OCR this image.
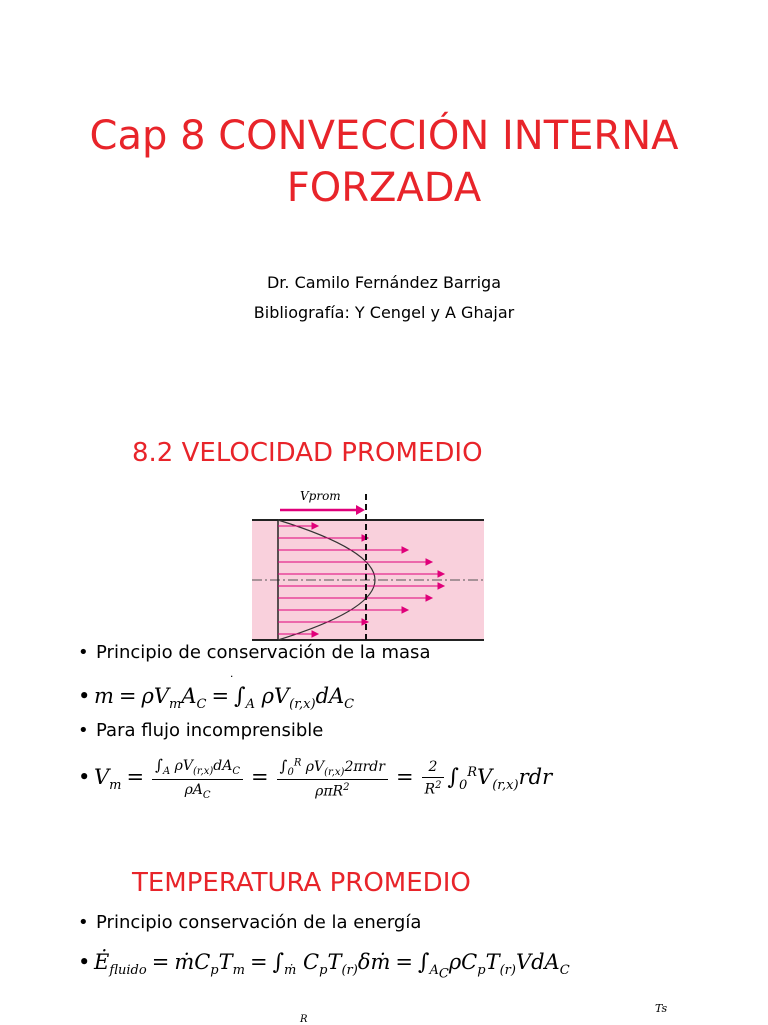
Cap 8 CONVECCIÓN INTERNA
FORZADA
Dr. Camilo Fernández Barriga
Bibliografía: Y Cengel y A Ghajar
8.2 VELOCIDAD PROMEDIO
Vprom
• Principio de conservación de la masa
.
• $m = \rho V_mA_C = \int_A$ $\rho V_{(r,x)}dA_C$
• Para flujo incomprensible
• $V_m = \frac{\int_A \rho V_{(r,x)}dA_C}{\rho A_C} = \frac{\int_0^R \rho V_{(r,x)}2\pi rdr}{\rho\pi R^2} = \frac{2}{R^2} \int_0^RV_{(r,x)}rdr$
TEMPERATURA PROMEDIO
• Principio conservación de la energía
• $Ė_{fluido}$ = $ṁC_pT_m = \int_ṁ$ $C_pT_{(r)}\delta ṁ = \int_{A_C}\rho C_pT_{(r)}VdA_C$
Ts
R
